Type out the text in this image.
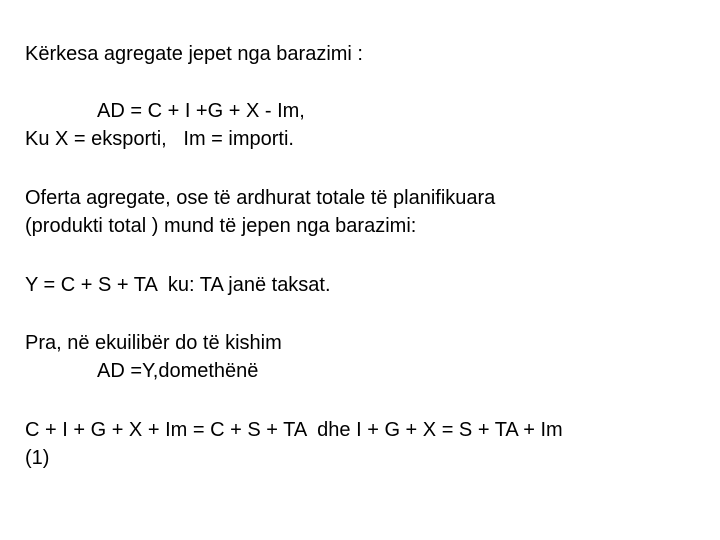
Kërkesa agregate jepet nga barazimi :
AD = C + I +G + X - Im,
Ku X = eksporti,   Im = importi.
Oferta agregate, ose të ardhurat totale të planifikuara
(produkti total ) mund të jepen nga barazimi:
Y = C + S + TA  ku: TA janë taksat.
Pra, në ekuilibër do të kishim
AD =Y,domethënë
C + I + G + X + Im = C + S + TA  dhe I + G + X = S + TA + Im
(1)
